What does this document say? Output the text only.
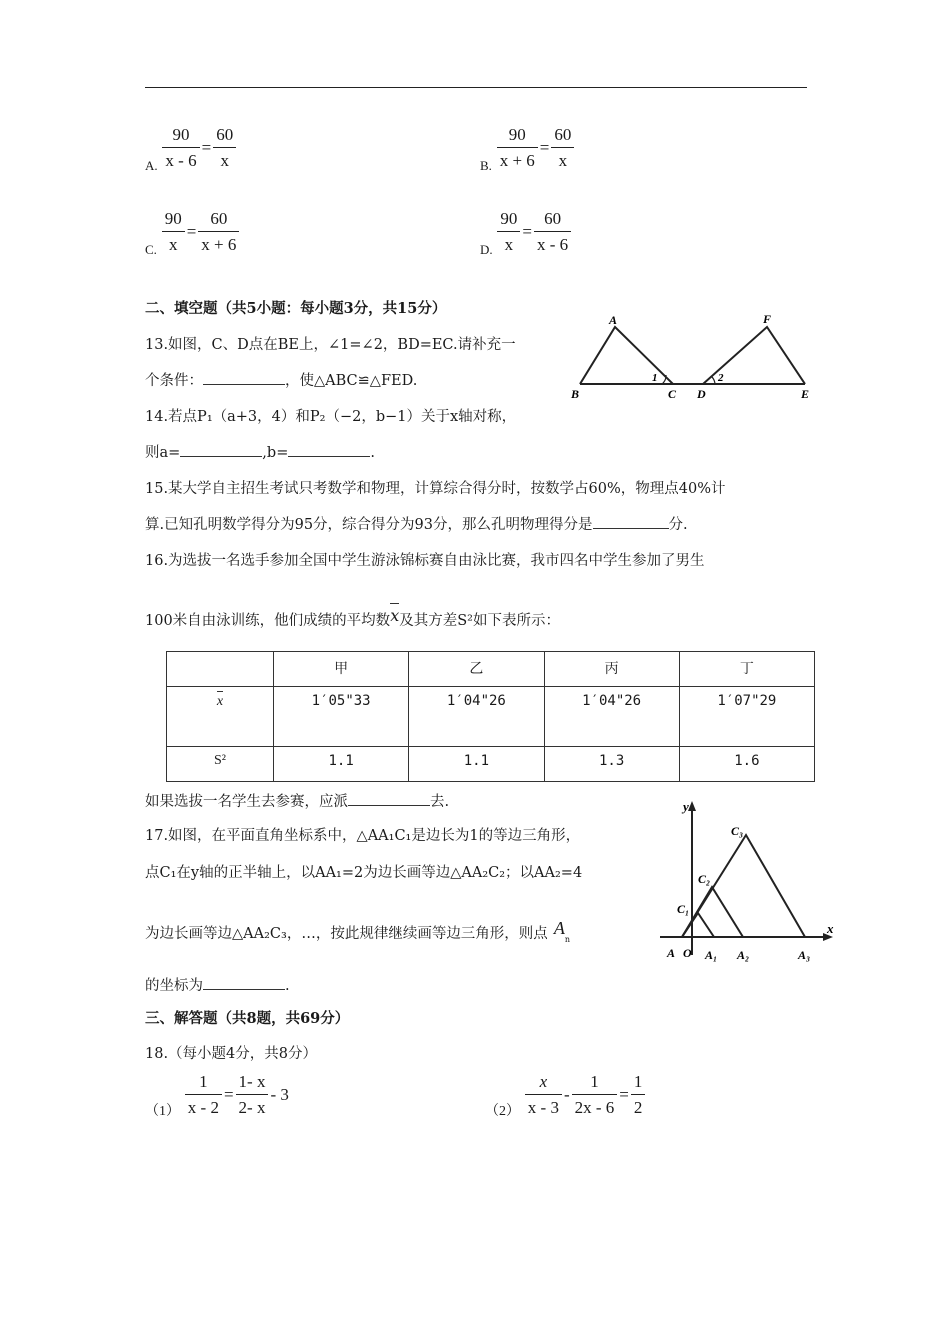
A. $\frac{90}{x - 6} = \frac{60}{x}$	B. $\frac{90}{x + 6} = \frac{60}{x}$
C. $\frac{90}{x} = \frac{60}{x + 6}$	D. $\frac{90}{x} = \frac{60}{x - 6}$
二、填空题（共5小题：每小题3分，共15分）
13.如图，C、D点在BE上，∠1=∠2，BD=EC.请补充一
个条件：	，使△ABC≌△FED.
A	F
B	C D	E
1	2
14.若点P₁（a+3，4）和P₂（−2，b−1）关于x轴对称，
则a=	,b=	.
15.某大学自主招生考试只考数学和物理，计算综合得分时，按数学占60%，物理点40%计
算.已知孔明数学得分为95分，综合得分为93分，那么孔明物理得分是	分.
16.为选拔一名选手参加全国中学生游泳锦标赛自由泳比赛，我市四名中学生参加了男生
100米自由泳训练，他们成绩的平均数x及其方差S²如下表所示：
	甲	乙	丙	丁
x	1′05"33	1′04"26	1′04"26	1′07"29
S²	1.1	1.1	1.3	1.6
如果选拔一名学生去参赛，应派	去.
17.如图，在平面直角坐标系中，△AA₁C₁是边长为1的等边三角形，
点C₁在y轴的正半轴上，以AA₁=2为边长画等边△AA₂C₂；以AA₂=4
为边长画等边△AA₂C₃，…，按此规律继续画等边三角形，则点 $A_n$
的坐标为	.
y
x
A O A₁ A₂	A₃
C₁
C₂
C₃
三、解答题（共8题，共69分）
18.（每小题4分，共8分）
$(1) \frac{1}{x - 2} = \frac{1- x}{2- x} - 3$
$(2) \frac{x}{x - 3} - \frac{1}{2x - 6} = \frac{1}{2}$
